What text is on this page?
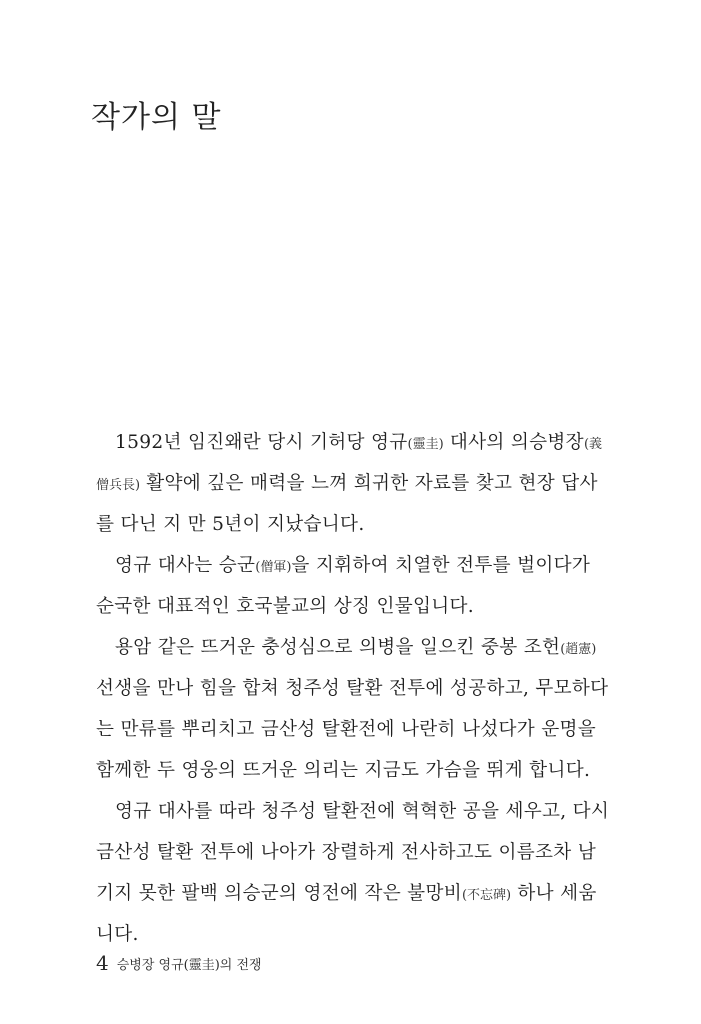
작가의 말
1592년 임진왜란 당시 기허당 영규(靈圭) 대사의 의승병장(義
僧兵長) 활약에 깊은 매력을 느껴 희귀한 자료를 찾고 현장 답사
를 다닌 지 만 5년이 지났습니다.
영규 대사는 승군(僧軍)을 지휘하여 치열한 전투를 벌이다가
순국한 대표적인 호국불교의 상징 인물입니다.
용암 같은 뜨거운 충성심으로 의병을 일으킨 중봉 조헌(趙憲)
선생을 만나 힘을 합쳐 청주성 탈환 전투에 성공하고, 무모하다
는 만류를 뿌리치고 금산성 탈환전에 나란히 나섰다가 운명을
함께한 두 영웅의 뜨거운 의리는 지금도 가슴을 뛰게 합니다.
영규 대사를 따라 청주성 탈환전에 혁혁한 공을 세우고, 다시
금산성 탈환 전투에 나아가 장렬하게 전사하고도 이름조차 남
기지 못한 팔백 의승군의 영전에 작은 불망비(不忘碑) 하나 세움
니다.
4 승병장 영규(靈圭)의 전쟁
